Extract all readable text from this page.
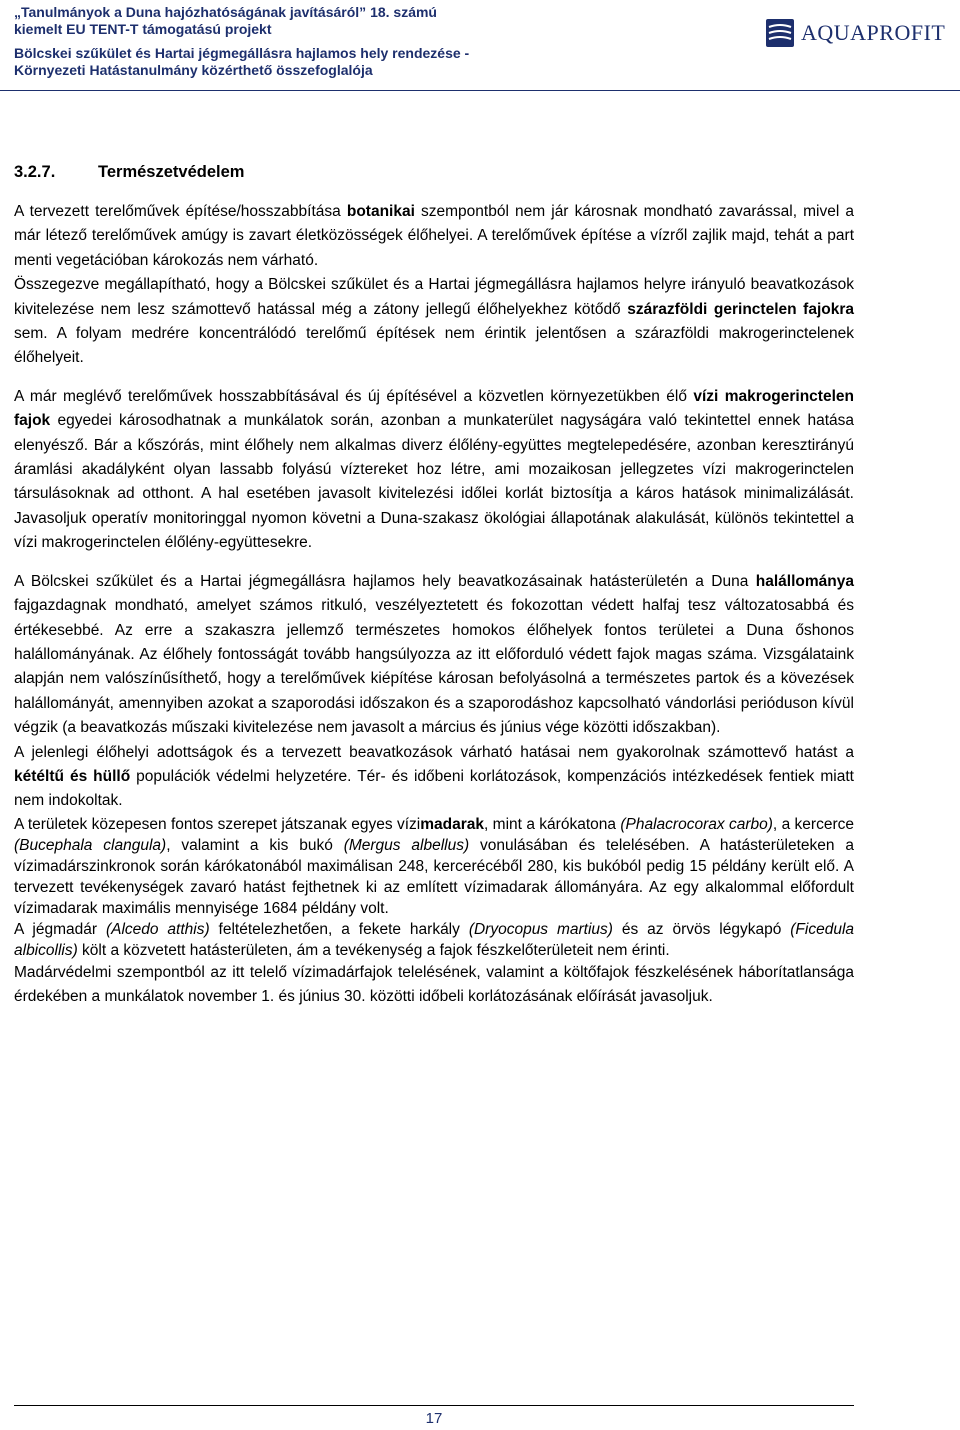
„Tanulmányok a Duna hajózhatóságának javításáról” 18. számú
kiemelt EU TENT-T támogatású projekt
Bölcskei szűkület és Hartai jégmegállásra hajlamos hely rendezése -
Környezeti Hatástanulmány közérthető összefoglalója
AQUAPROFIT
3.2.7.	Természetvédelem

A tervezett terelőművek építése/hosszabbítása botanikai szempontból nem jár károsnak mondható zavarással, mivel a már létező terelőművek amúgy is zavart életközösségek élőhelyei. A terelőművek építése a vízről zajlik majd, tehát a part menti vegetációban károkozás nem várható.

Összegezve megállapítható, hogy a Bölcskei szűkület és a Hartai jégmegállásra hajlamos helyre irányuló beavatkozások kivitelezése nem lesz számottevő hatással még a zátony jellegű élőhelyekhez kötődő szárazföldi gerinctelen fajokra sem. A folyam medrére koncentrálódó terelőmű építések nem érintik jelentősen a szárazföldi makrogerinctelenek élőhelyeit.

A már meglévő terelőművek hosszabbításával és új építésével a közvetlen környezetükben élő vízi makrogerinctelen fajok egyedei károsodhatnak a munkálatok során, azonban a munkaterület nagyságára való tekintettel ennek hatása elenyésző. Bár a kőszórás, mint élőhely nem alkalmas diverz élőlény-együttes megtelepedésére, azonban keresztirányú áramlási akadályként olyan lassabb folyású víztereket hoz létre, ami mozaikosan jellegzetes vízi makrogerinctelen társulásoknak ad otthont. A hal esetében javasolt kivitelezési időlei korlát biztosítja a káros hatások minimalizálását. Javasoljuk operatív monitoringgal nyomon követni a Duna-szakasz ökológiai állapotának alakulását, különös tekintettel a vízi makrogerinctelen élőlény-együttesekre.

A Bölcskei szűkület és a Hartai jégmegállásra hajlamos hely beavatkozásainak hatásterületén a Duna halállománya fajgazdagnak mondható, amelyet számos ritkuló, veszélyeztetett és fokozottan védett halfaj tesz változatosabbá és értékesebbé. Az erre a szakaszra jellemző természetes homokos élőhelyek fontos területei a Duna őshonos halállományának. Az élőhely fontosságát tovább hangsúlyozza az itt előforduló védett fajok magas száma. Vizsgálataink alapján nem valószínűsíthető, hogy a terelőművek kiépítése károsan befolyásolná a természetes partok és a kövezések halállományát, amennyiben azokat a szaporodási időszakon és a szaporodáshoz kapcsolható vándorlási perióduson kívül végzik (a beavatkozás műszaki kivitelezése nem javasolt a március és június vége közötti időszakban).

A jelenlegi élőhelyi adottságok és a tervezett beavatkozások várható hatásai nem gyakorolnak számottevő hatást a kétéltű és hüllő populációk védelmi helyzetére. Tér- és időbeni korlátozások, kompenzációs intézkedések fentiek miatt nem indokoltak.

A területek közepesen fontos szerepet játszanak egyes vízimadarak, mint a kárókatona (Phalacrocorax carbo), a kercerce (Bucephala clangula), valamint a kis bukó (Mergus albellus) vonulásában és telelésében. A hatásterületeken a vízimadárszinkronok során kárókatonából maximálisan 248, kercerécéből 280, kis bukóból pedig 15 példány került elő. A tervezett tevékenységek zavaró hatást fejthetnek ki az említett vízimadarak állományára. Az egy alkalommal előfordult vízimadarak maximális mennyisége 1684 példány volt.

A jégmadár (Alcedo atthis) feltételezhetően, a fekete harkály (Dryocopus martius) és az örvös légykapó (Ficedula albicollis) költ a közvetett hatásterületen, ám a tevékenység a fajok fészkelőterületeit nem érinti.

Madárvédelmi szempontból az itt telelő vízimadárfajok telelésének, valamint a költőfajok fészkelésének háborítatlansága érdekében a munkálatok november 1. és június 30. közötti időbeli korlátozásának előírását javasoljuk.

17
